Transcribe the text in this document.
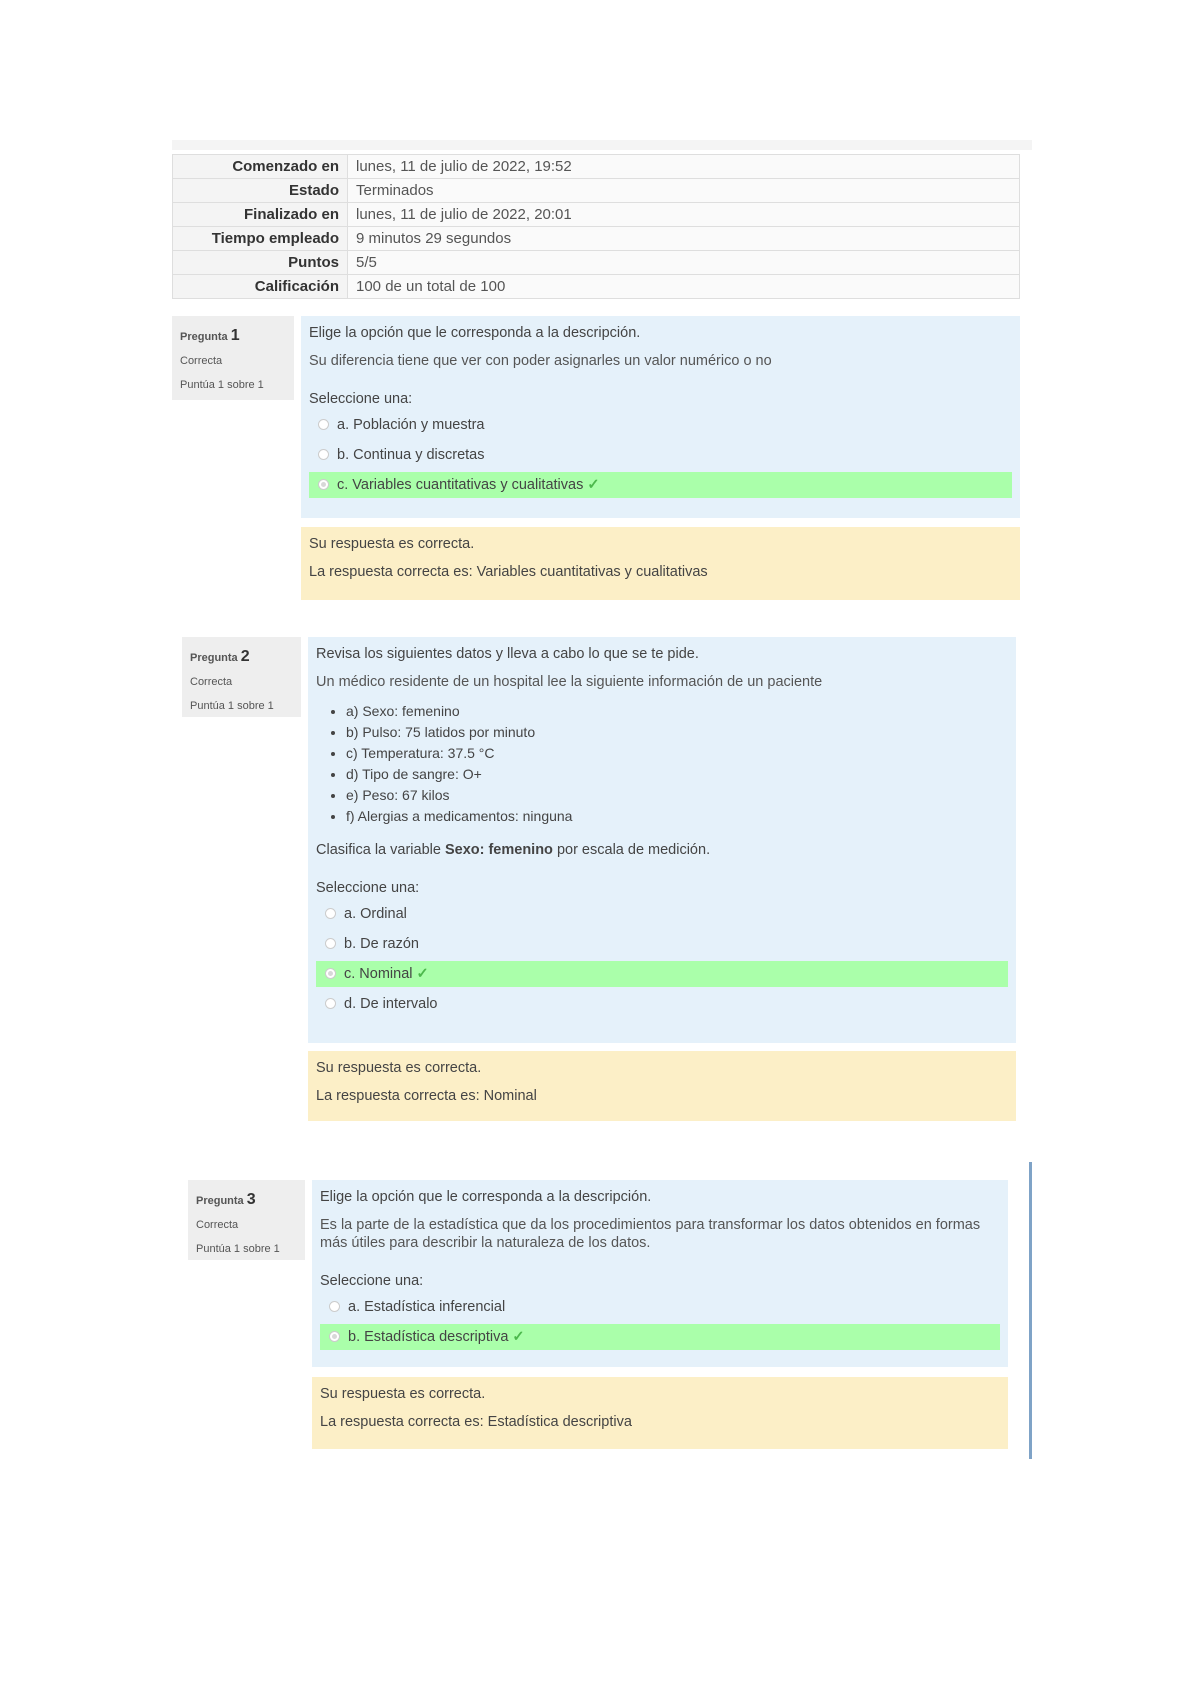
Comenzado en	lunes, 11 de julio de 2022, 19:52
Estado	Terminados
Finalizado en	lunes, 11 de julio de 2022, 20:01
Tiempo empleado	9 minutos 29 segundos
Puntos	5/5
Calificación	100 de un total de 100
Pregunta 1
Correcta
Puntúa 1 sobre 1

Elige la opción que le corresponda a la descripción.

Su diferencia tiene que ver con poder asignarles un valor numérico o no

Seleccione una:

a. Población y muestra
b. Continua y discretas
c. Variables cuantitativas y cualitativas ✓

Su respuesta es correcta.

La respuesta correcta es: Variables cuantitativas y cualitativas

Pregunta 2
Correcta
Puntúa 1 sobre 1

Revisa los siguientes datos y lleva a cabo lo que se te pide.

Un médico residente de un hospital lee la siguiente información de un paciente

• a) Sexo: femenino
• b) Pulso: 75 latidos por minuto
• c) Temperatura: 37.5 °C
• d) Tipo de sangre: O+
• e) Peso: 67 kilos
• f) Alergias a medicamentos: ninguna

Clasifica la variable Sexo: femenino por escala de medición.

Seleccione una:

a. Ordinal
b. De razón
c. Nominal ✓
d. De intervalo

Su respuesta es correcta.

La respuesta correcta es: Nominal

Pregunta 3
Correcta
Puntúa 1 sobre 1

Elige la opción que le corresponda a la descripción.

Es la parte de la estadística que da los procedimientos para transformar los datos obtenidos en formas más útiles para describir la naturaleza de los datos.

Seleccione una:

a. Estadística inferencial
b. Estadística descriptiva ✓

Su respuesta es correcta.

La respuesta correcta es: Estadística descriptiva
